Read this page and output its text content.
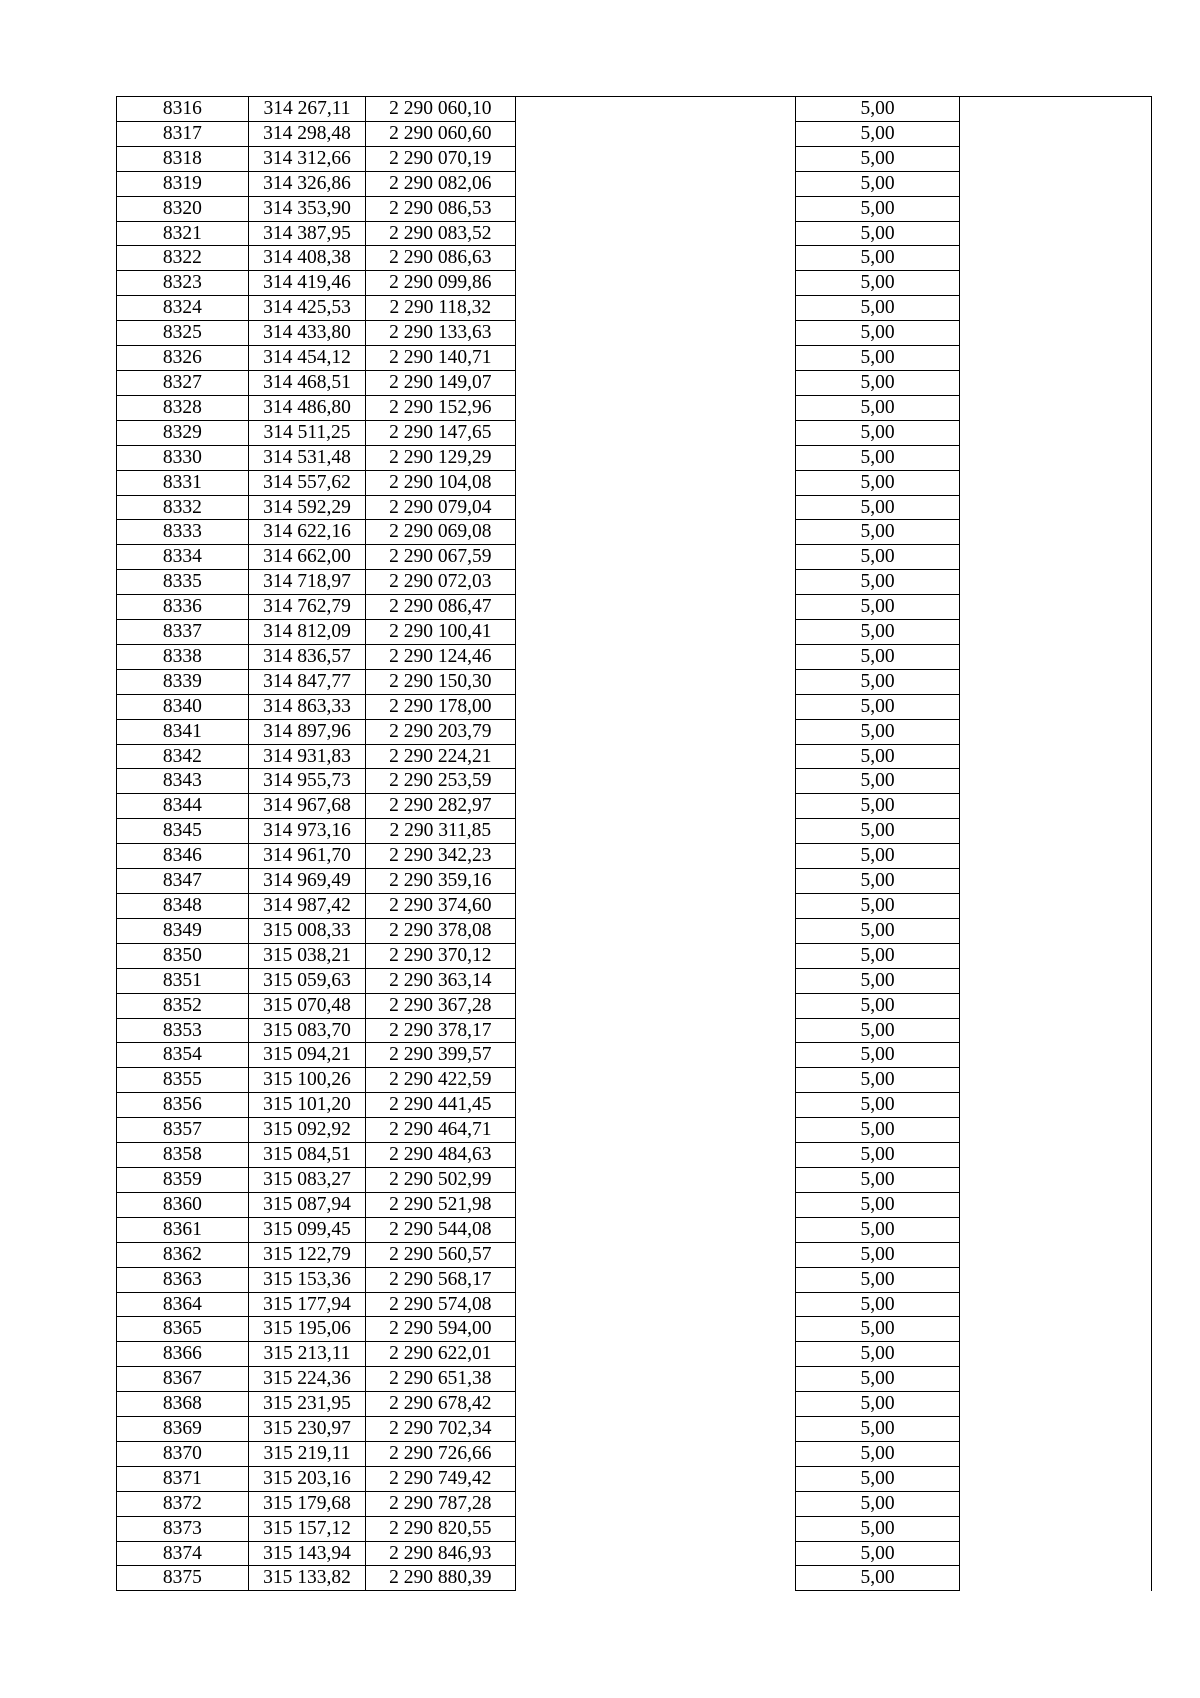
8316	314 267,11	2 290 060,10		5,00	
8317	314 298,48	2 290 060,60		5,00	
8318	314 312,66	2 290 070,19		5,00	
8319	314 326,86	2 290 082,06		5,00	
8320	314 353,90	2 290 086,53		5,00	
8321	314 387,95	2 290 083,52		5,00	
8322	314 408,38	2 290 086,63		5,00	
8323	314 419,46	2 290 099,86		5,00	
8324	314 425,53	2 290 118,32		5,00	
8325	314 433,80	2 290 133,63		5,00	
8326	314 454,12	2 290 140,71		5,00	
8327	314 468,51	2 290 149,07		5,00	
8328	314 486,80	2 290 152,96		5,00	
8329	314 511,25	2 290 147,65		5,00	
8330	314 531,48	2 290 129,29		5,00	
8331	314 557,62	2 290 104,08		5,00	
8332	314 592,29	2 290 079,04		5,00	
8333	314 622,16	2 290 069,08		5,00	
8334	314 662,00	2 290 067,59		5,00	
8335	314 718,97	2 290 072,03		5,00	
8336	314 762,79	2 290 086,47		5,00	
8337	314 812,09	2 290 100,41		5,00	
8338	314 836,57	2 290 124,46		5,00	
8339	314 847,77	2 290 150,30		5,00	
8340	314 863,33	2 290 178,00		5,00	
8341	314 897,96	2 290 203,79		5,00	
8342	314 931,83	2 290 224,21		5,00	
8343	314 955,73	2 290 253,59		5,00	
8344	314 967,68	2 290 282,97		5,00	
8345	314 973,16	2 290 311,85		5,00	
8346	314 961,70	2 290 342,23		5,00	
8347	314 969,49	2 290 359,16		5,00	
8348	314 987,42	2 290 374,60		5,00	
8349	315 008,33	2 290 378,08		5,00	
8350	315 038,21	2 290 370,12		5,00	
8351	315 059,63	2 290 363,14		5,00	
8352	315 070,48	2 290 367,28		5,00	
8353	315 083,70	2 290 378,17		5,00	
8354	315 094,21	2 290 399,57		5,00	
8355	315 100,26	2 290 422,59		5,00	
8356	315 101,20	2 290 441,45		5,00	
8357	315 092,92	2 290 464,71		5,00	
8358	315 084,51	2 290 484,63		5,00	
8359	315 083,27	2 290 502,99		5,00	
8360	315 087,94	2 290 521,98		5,00	
8361	315 099,45	2 290 544,08		5,00	
8362	315 122,79	2 290 560,57		5,00	
8363	315 153,36	2 290 568,17		5,00	
8364	315 177,94	2 290 574,08		5,00	
8365	315 195,06	2 290 594,00		5,00	
8366	315 213,11	2 290 622,01		5,00	
8367	315 224,36	2 290 651,38		5,00	
8368	315 231,95	2 290 678,42		5,00	
8369	315 230,97	2 290 702,34		5,00	
8370	315 219,11	2 290 726,66		5,00	
8371	315 203,16	2 290 749,42		5,00	
8372	315 179,68	2 290 787,28		5,00	
8373	315 157,12	2 290 820,55		5,00	
8374	315 143,94	2 290 846,93		5,00	
8375	315 133,82	2 290 880,39		5,00	
